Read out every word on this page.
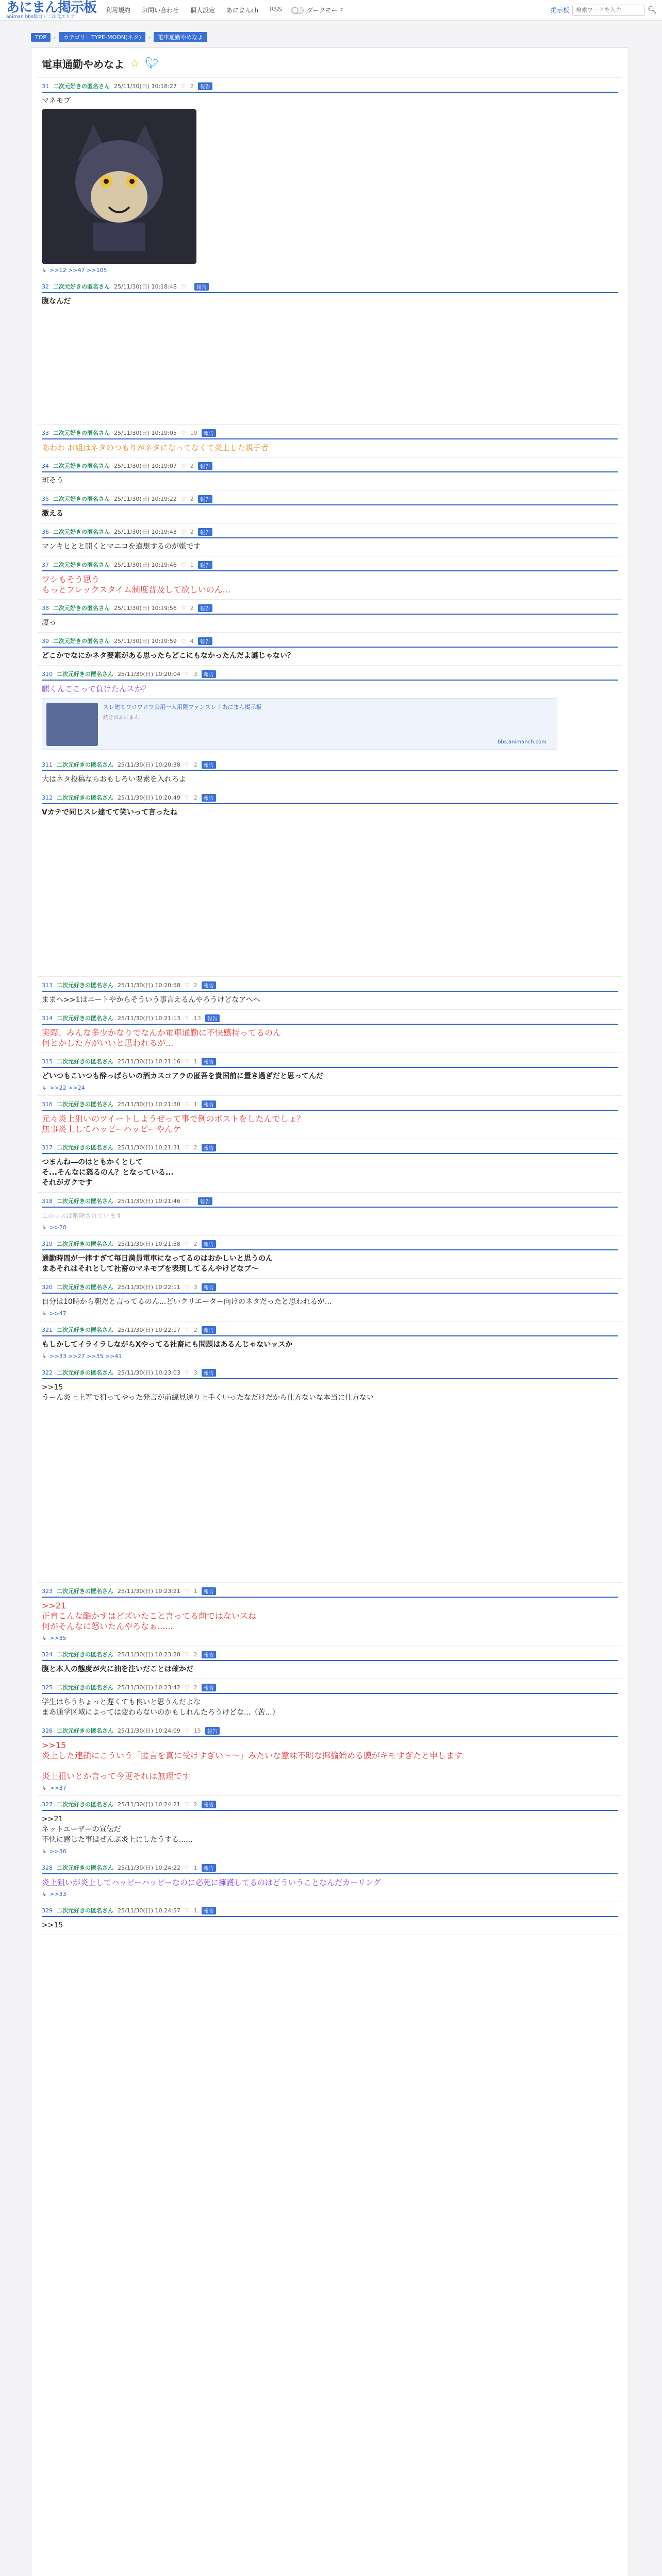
あにまん掲示板
animan bbs総合・二次元エリア
利用規約 お問い合わせ 個人設定 あにまんch RSS	ダークモード	掲示板
検索ワードを入力	🔍︎
TOP	›	カテゴリ：TYPE-MOON(ネタ)	›	電車通勤やめなよ
電車通勤やめなよ ☆ 🐦︎
31 二次元好きの匿名さん 25/11/30(日) 10:18:27 ♡ 2	報告
マネモブ
↳ >>12 >>47 >>105
32 二次元好きの匿名さん 25/11/30(日) 10:18:48 ♡	報告
腹なんだ
33 二次元好きの匿名さん 25/11/30(日) 10:19:05 ♡ 10	報告
あわわ お姐はネタのつもりがネタになってなくて炎上した親子者
34 二次元好きの匿名さん 25/11/30(日) 10:19:07 ♡ 2	報告
斑そう
35 二次元好きの匿名さん 25/11/30(日) 10:19:22 ♡ 2	報告
激える
36 二次元好きの匿名さん 25/11/30(日) 10:19:43 ♡ 2	報告
マンキヒとと開くとマニコを違想するのが嫌です
37 二次元好きの匿名さん 25/11/30(日) 10:19:46 ♡ 1	報告
ワシもそう思う
もっとフレックスタイム制度普及して欲しいのん...
38 二次元好きの匿名さん 25/11/30(日) 10:19:56 ♡ 2	報告
凄っ
39 二次元好きの匿名さん 25/11/30(日) 10:19:59 ♡ 4	報告
どこかでなにかネタ要素がある思ったらどこにもなかったんだよ謎じゃない？
310 二次元好きの匿名さん 25/11/30(日) 10:20:04 ♡ 3	報告
麒くんここって負けたんスか？
スレ建てワロワロワ公用一人用限ファンスレ｜あにまん掲示板
続きはあにまん
bbs.animanch.com
311 二次元好きの匿名さん 25/11/30(日) 10:20:38 ♡ 2	報告
大はネタ投稿ならおもしろい要素を入れろよ
312 二次元好きの匿名さん 25/11/30(日) 10:20:49 ♡ 2	報告
Vカテで同じスレ建てて笑いって言ったね
313 二次元好きの匿名さん 25/11/30(日) 10:20:58 ♡ 2	報告
ままヘ>>1はニートやからそういう事言えるんやろうけどなアヘヘ
314 二次元好きの匿名さん 25/11/30(日) 10:21:13 ♡ 13	報告
実際、みんな多少かなりでなんか電車通勤に不快感持ってるのん
何とかした方がいいと思われるが...
315 二次元好きの匿名さん 25/11/30(日) 10:21:16 ♡ 1	報告
どいつもこいつも酔っぱらいの酒カスコアラの匿吾を貴国前に置き過ぎだと思ってんだ
↳ >>22 >>24
316 二次元好きの匿名さん 25/11/30(日) 10:21:30 ♡ 1	報告
元々炎上狙いのツイートしようぜって事で例のポストをしたんでしょ？
無事炎上してハッピーハッピーやんケ
317 二次元好きの匿名さん 25/11/30(日) 10:21:31 ♡ 2	報告
つまんね―のはともかくとして
そ...そんなに怒るのん？となっている...
それがガクです
318 二次元好きの匿名さん 25/11/30(日) 10:21:46 ♡	報告
このレスは削除されています
↳ >>20
319 二次元好きの匿名さん 25/11/30(日) 10:21:58 ♡ 2	報告
通勤時間が一律すぎて毎日満員電車になってるのはおかしいと思うのん
まあそれはそれとして社畜のマネモブを表現してるんやけどなブ～
320 二次元好きの匿名さん 25/11/30(日) 10:22:11 ♡ 3	報告
自分は10時から朝だと言ってるのん...どいクリエーター向けのネタだったと思われるが...
↳ >>47
321 二次元好きの匿名さん 25/11/30(日) 10:22:17 ♡ 2	報告
もしかしてイライラしながらXやってる社畜にも問題はあるんじゃないッスか
↳ >>33 >>27 >>35 >>41
322 二次元好きの匿名さん 25/11/30(日) 10:23:03 ♡ 3	報告
>>15
うーん炎上上等で狙ってやった発言が前線見通り上手くいったなだけだから仕方ないな本当に仕方ない
323 二次元好きの匿名さん 25/11/30(日) 10:23:21 ♡ 1	報告
>>21
正直こんな酷かすはどズいたこと言ってる前ではないスね
何がそんなに怒いたんやろなぁ......
↳ >>35
324 二次元好きの匿名さん 25/11/30(日) 10:23:28 ♡ 2	報告
腹と本人の態度が火に油を注いだことは確かだ
325 二次元好きの匿名さん 25/11/30(日) 10:23:42 ♡ 2	報告
学生はちうちょっと遅くても良いと思うんだよな
まあ通学区域によっては変わらないのかもしれんたろうけどな...（苦...）
326 二次元好きの匿名さん 25/11/30(日) 10:24:09 ♡ 15	報告
>>15
炎上した連鎖にこういう「匿言を真に受けすぎい～～」みたいな意味不明な揶揄始める膜がキモすぎたと申します

炎上狙いとか言って今更それは無理です
↳ >>37
327 二次元好きの匿名さん 25/11/30(日) 10:24:21 ♡ 2	報告
>>21
ネットユーザーの宣伝だ
不快に感じた事はぜんぶ炎上にしたうする......
↳ >>36
328 二次元好きの匿名さん 25/11/30(日) 10:24:22 ♡ 1	報告
炎上狙いが炎上してハッピーハッピーなのに必死に擁護してるのはどういうことなんだカーリング
↳ >>33
329 二次元好きの匿名さん 25/11/30(日) 10:24:57 ♡ 1	報告
>>15
